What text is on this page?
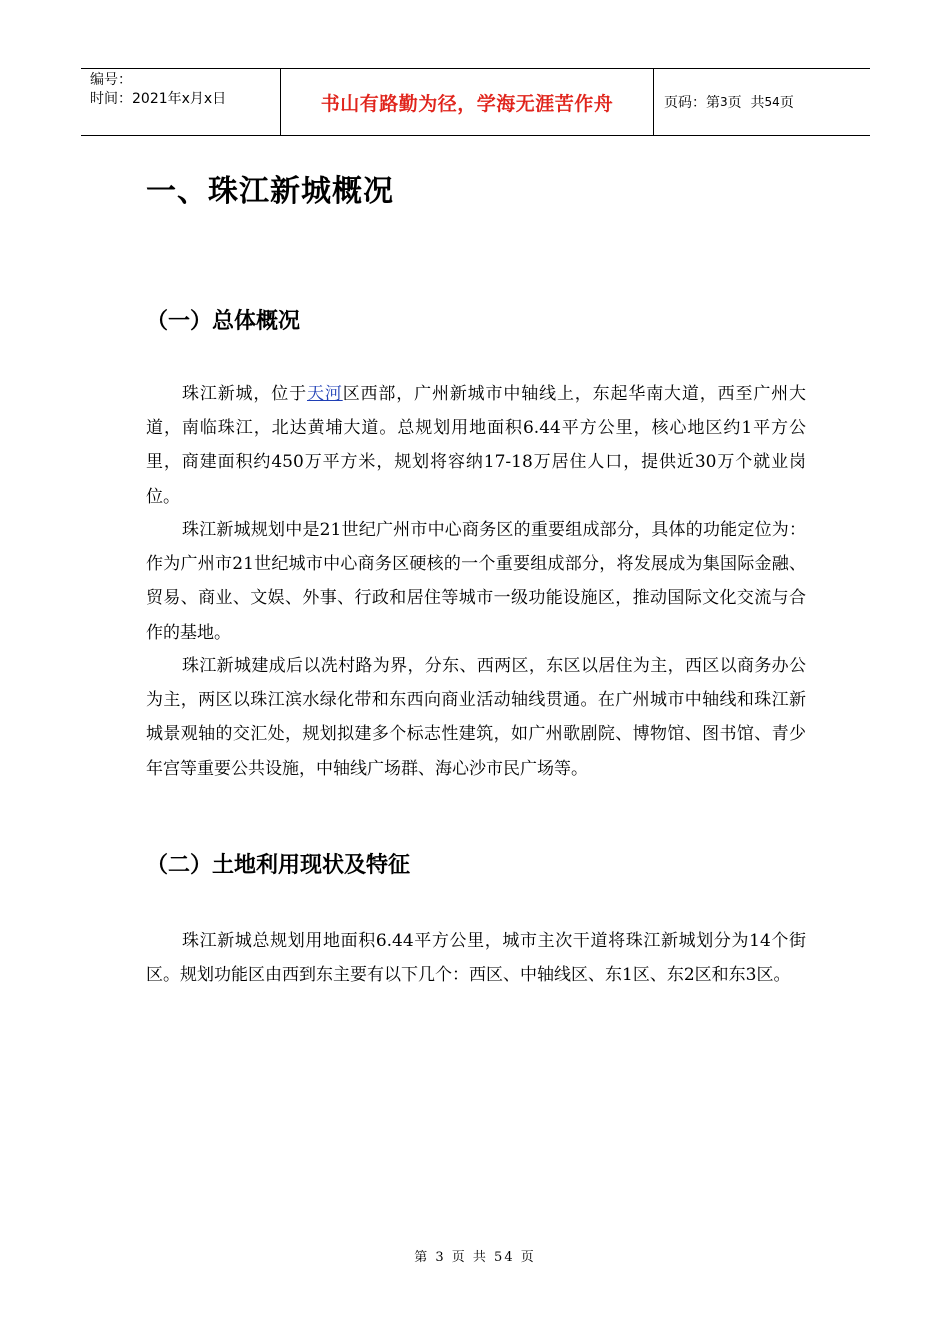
编号：
时间：2021年x月x日	书山有路勤为径，学海无涯苦作舟	页码：第 3 页  共 54 页
一、珠江新城概况
（一）总体概况

珠江新城，位于天河区西部，广州新城市中轴线上，东起华南大道，西至广州大道，南临珠江，北达黄埔大道。总规划用地面积6.44平方公里，核心地区约1平方公里，商建面积约450万平方米，规划将容纳17-18万居住人口，提供近30万个就业岗位。

珠江新城规划中是21世纪广州市中心商务区的重要组成部分，具体的功能定位为：作为广州市21世纪城市中心商务区硬核的一个重要组成部分，将发展成为集国际金融、贸易、商业、文娱、外事、行政和居住等城市一级功能设施区，推动国际文化交流与合作的基地。

珠江新城建成后以冼村路为界，分东、西两区，东区以居住为主，西区以商务办公为主，两区以珠江滨水绿化带和东西向商业活动轴线贯通。在广州城市中轴线和珠江新城景观轴的交汇处，规划拟建多个标志性建筑，如广州歌剧院、博物馆、图书馆、青少年宫等重要公共设施，中轴线广场群、海心沙市民广场等。

（二）土地利用现状及特征

珠江新城总规划用地面积6.44平方公里，城市主次干道将珠江新城划分为14个街区。规划功能区由西到东主要有以下几个：西区、中轴线区、东1区、东2区和东3区。

第 3 页 共 54 页
